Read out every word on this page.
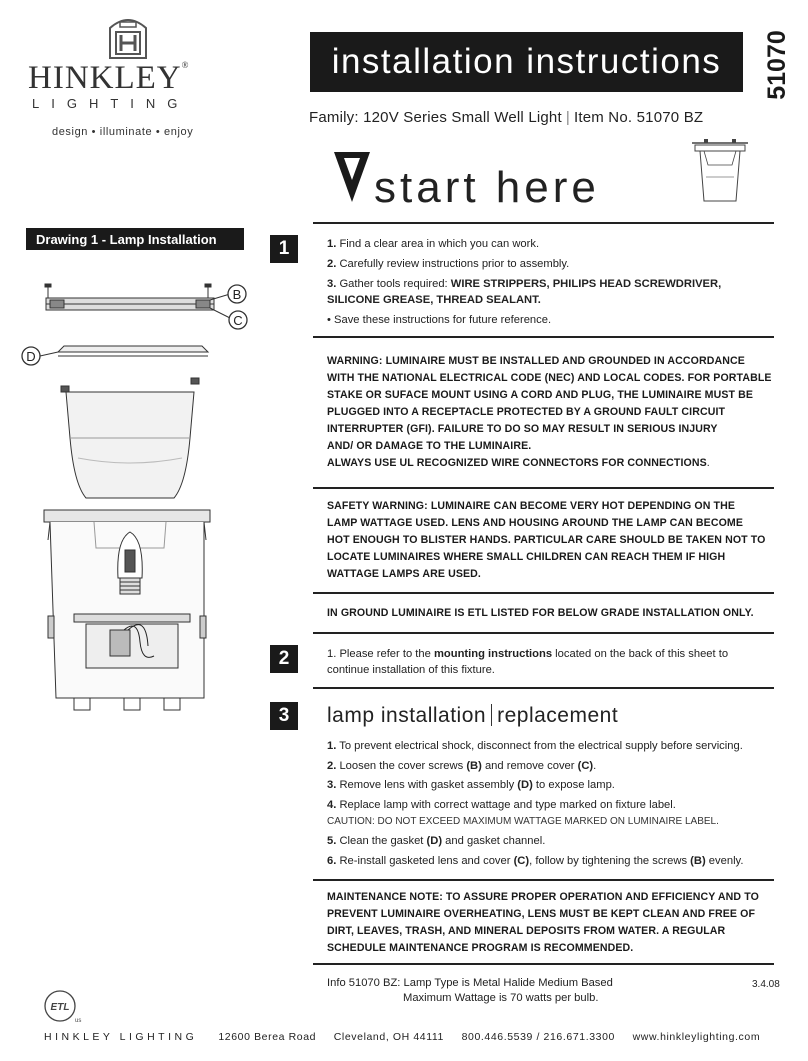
HINKLEY®
LIGHTING
design • illuminate • enjoy
installation instructions	51070
Family: 120V Series Small Well Light | Item No. 51070 BZ
start here
Drawing 1 - Lamp Installation
B
C
D
1	1. Find a clear area in which you can work.
2. Carefully review instructions prior to assembly.
3. Gather tools required: WIRE STRIPPERS, PHILIPS HEAD SCREWDRIVER,
SILICONE GREASE, THREAD SEALANT.
• Save these instructions for future reference.
WARNING: LUMINAIRE MUST BE INSTALLED AND GROUNDED IN ACCORDANCE
WITH THE NATIONAL ELECTRICAL CODE (NEC) AND LOCAL CODES. FOR PORTABLE
STAKE OR SUFACE MOUNT USING A CORD AND PLUG, THE LUMINAIRE MUST BE
PLUGGED INTO A RECEPTACLE PROTECTED BY A GROUND FAULT CIRCUIT
INTERRUPTER (GFI). FAILURE TO DO SO MAY RESULT IN SERIOUS INJURY
AND/ OR DAMAGE TO THE LUMINAIRE.
ALWAYS USE UL RECOGNIZED WIRE CONNECTORS FOR CONNECTIONS.
SAFETY WARNING: LUMINAIRE CAN BECOME VERY HOT DEPENDING ON THE
LAMP WATTAGE USED. LENS AND HOUSING AROUND THE LAMP CAN BECOME
HOT ENOUGH TO BLISTER HANDS. PARTICULAR CARE SHOULD BE TAKEN NOT TO
LOCATE LUMINAIRES WHERE SMALL CHILDREN CAN REACH THEM IF HIGH
WATTAGE LAMPS ARE USED.
IN GROUND LUMINAIRE IS ETL LISTED FOR BELOW GRADE INSTALLATION ONLY.
2	1. Please refer to the mounting instructions located on the back of this sheet to
continue installation of this fixture.
3	lamp installation replacement
1. To prevent electrical shock, disconnect from the electrical supply before servicing.
2. Loosen the cover screws (B) and remove cover (C).
3. Remove lens with gasket assembly (D) to expose lamp.
4. Replace lamp with correct wattage and type marked on fixture label.
CAUTION: DO NOT EXCEED MAXIMUM WATTAGE MARKED ON LUMINAIRE LABEL.
5. Clean the gasket (D) and gasket channel.
6. Re-install gasketed lens and cover (C), follow by tightening the screws (B) evenly.
MAINTENANCE NOTE: TO ASSURE PROPER OPERATION AND EFFICIENCY AND TO
PREVENT LUMINAIRE OVERHEATING, LENS MUST BE KEPT CLEAN AND FREE OF
DIRT, LEAVES, TRASH, AND MINERAL DEPOSITS FROM WATER. A REGULAR
SCHEDULE MAINTENANCE PROGRAM IS RECOMMENDED.
Info 51070 BZ: Lamp Type is Metal Halide Medium Based
Maximum Wattage is 70 watts per bulb.
3.4.08
ETL
us
HINKLEY LIGHTING 12600 Berea Road Cleveland, OH 44111 800.446.5539 / 216.671.3300 www.hinkleylighting.com
